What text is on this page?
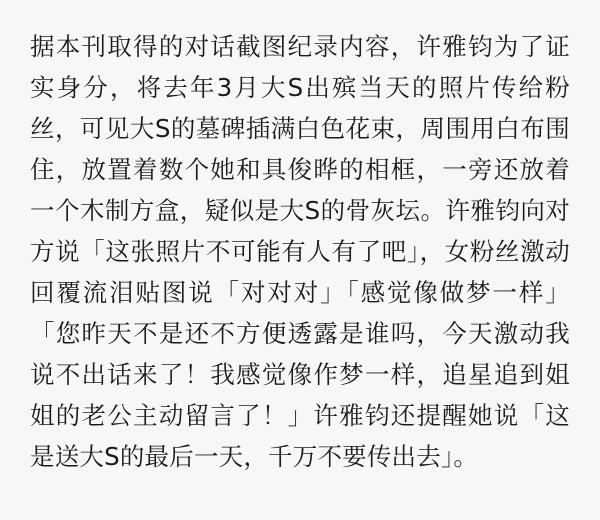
据本刊取得的对话截图纪录内容，许雅钧为了证实身分，将去年3月大S出殡当天的照片传给粉丝，可见大S的墓碑插满白色花束，周围用白布围住，放置着数个她和具俊晔的相框，一旁还放着一个木制方盒，疑似是大S的骨灰坛。许雅钧向对方说「这张照片不可能有人有了吧」，女粉丝激动回覆流泪贴图说「对对对」「感觉像做梦一样」「您昨天不是还不方便透露是谁吗，今天激动我说不出话来了！我感觉像作梦一样，追星追到姐姐的老公主动留言了！」许雅钧还提醒她说「这是送大S的最后一天，千万不要传出去」。
